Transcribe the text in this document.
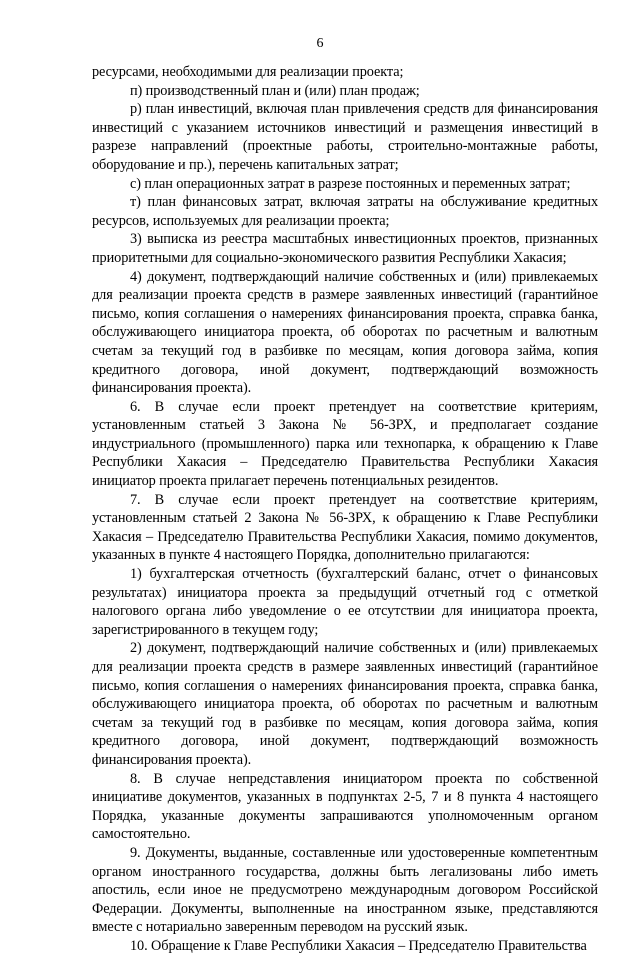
6

ресурсами, необходимыми для реализации проекта;

п) производственный план и (или) план продаж;

р) план инвестиций, включая план привлечения средств для финансирования инвестиций с указанием источников инвестиций и размещения инвестиций в разрезе направлений (проектные работы, строительно-монтажные работы, оборудование и пр.), перечень капитальных затрат;

с) план операционных затрат в разрезе постоянных и переменных затрат;

т) план финансовых затрат, включая затраты на обслуживание кредитных ресурсов, используемых для реализации проекта;

3) выписка из реестра масштабных инвестиционных проектов, признанных приоритетными для социально-экономического развития Республики Хакасия;

4) документ, подтверждающий наличие собственных и (или) привлекаемых для реализации проекта средств в размере заявленных инвестиций (гарантийное письмо, копия соглашения о намерениях финансирования проекта, справка банка, обслуживающего инициатора проекта, об оборотах по расчетным и валютным счетам за текущий год в разбивке по месяцам, копия договора займа, копия кредитного договора, иной документ, подтверждающий возможность финансирования проекта).

6. В случае если проект претендует на соответствие критериям, установленным статьей 3 Закона № 56-ЗРХ, и предполагает создание индустриального (промышленного) парка или технопарка, к обращению к Главе Республики Хакасия – Председателю Правительства Республики Хакасия инициатор проекта прилагает перечень потенциальных резидентов.

7. В случае если проект претендует на соответствие критериям, установленным статьей 2 Закона № 56-ЗРХ, к обращению к Главе Республики Хакасия – Председателю Правительства Республики Хакасия, помимо документов, указанных в пункте 4 настоящего Порядка, дополнительно прилагаются:

1) бухгалтерская отчетность (бухгалтерский баланс, отчет о финансовых результатах) инициатора проекта за предыдущий отчетный год с отметкой налогового органа либо уведомление о ее отсутствии для инициатора проекта, зарегистрированного в текущем году;

2) документ, подтверждающий наличие собственных и (или) привлекаемых для реализации проекта средств в размере заявленных инвестиций (гарантийное письмо, копия соглашения о намерениях финансирования проекта, справка банка, обслуживающего инициатора проекта, об оборотах по расчетным и валютным счетам за текущий год в разбивке по месяцам, копия договора займа, копия кредитного договора, иной документ, подтверждающий возможность финансирования проекта).

8. В случае непредставления инициатором проекта по собственной инициативе документов, указанных в подпунктах 2-5, 7 и 8 пункта 4 настоящего Порядка, указанные документы запрашиваются уполномоченным органом самостоятельно.

9. Документы, выданные, составленные или удостоверенные компетентным органом иностранного государства, должны быть легализованы либо иметь апостиль, если иное не предусмотрено международным договором Российской Федерации. Документы, выполненные на иностранном языке, представляются вместе с нотариально заверенным переводом на русский язык.

10. Обращение к Главе Республики Хакасия – Председателю Правительства
